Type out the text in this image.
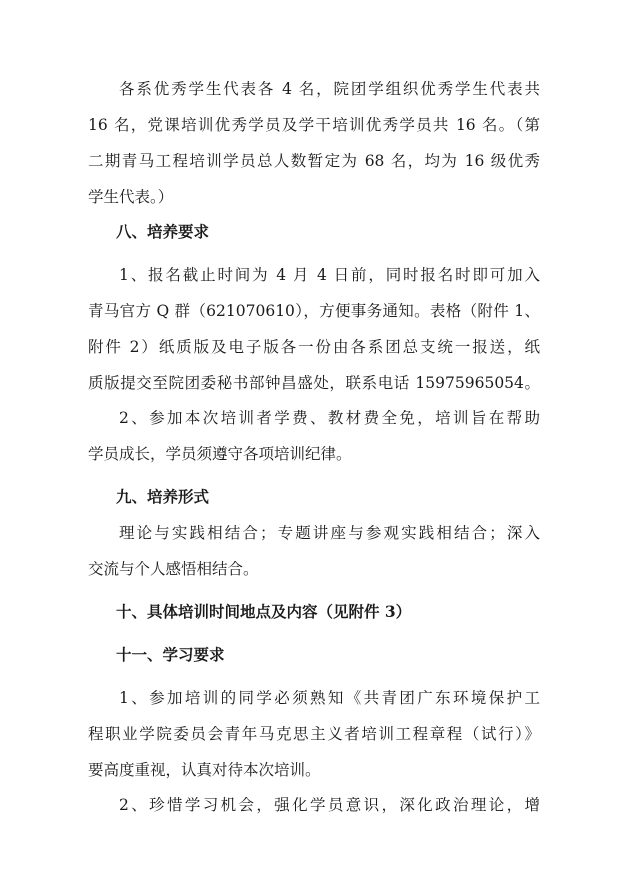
各系优秀学生代表各 4 名，院团学组织优秀学生代表共
16 名，党课培训优秀学员及学干培训优秀学员共 16 名。（第
二期青马工程培训学员总人数暂定为 68 名，均为 16 级优秀
学生代表。）
八、培养要求
1、报名截止时间为 4 月 4 日前，同时报名时即可加入
青马官方 Q 群（621070610），方便事务通知。表格（附件 1、
附件 2）纸质版及电子版各一份由各系团总支统一报送，纸
质版提交至院团委秘书部钟昌盛处，联系电话 15975965054。
2、参加本次培训者学费、教材费全免，培训旨在帮助
学员成长，学员须遵守各项培训纪律。
九、培养形式
理论与实践相结合；专题讲座与参观实践相结合；深入
交流与个人感悟相结合。
十、具体培训时间地点及内容（见附件 3）
十一、学习要求
1、参加培训的同学必须熟知《共青团广东环境保护工
程职业学院委员会青年马克思主义者培训工程章程（试行）》
要高度重视，认真对待本次培训。
2、珍惜学习机会，强化学员意识，深化政治理论，增
